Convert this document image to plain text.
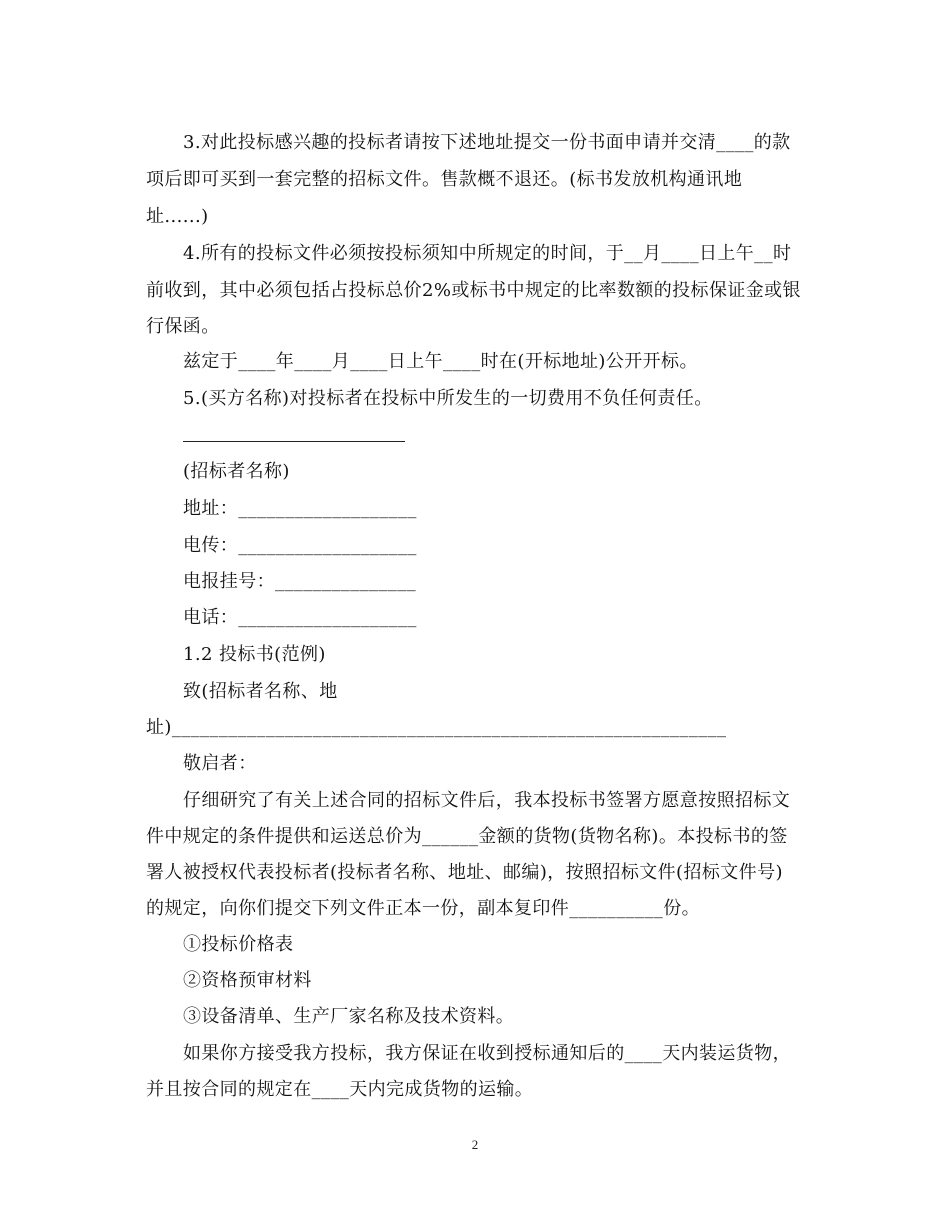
3.对此投标感兴趣的投标者请按下述地址提交一份书面申请并交清____的款
项后即可买到一套完整的招标文件。售款概不退还。(标书发放机构通讯地
址......)
4.所有的投标文件必须按投标须知中所规定的时间，于__月____日上午__时
前收到，其中必须包括占投标总价2%或标书中规定的比率数额的投标保证金或银
行保函。
兹定于____年____月____日上午____时在(开标地址)公开开标。
5.(买方名称)对投标者在投标中所发生的一切费用不负任何责任。
(招标者名称)
地址：___________________
电传：___________________
电报挂号：_______________
电话：___________________
1.2 投标书(范例)
致(招标者名称、地
址)___________________________________________________________
敬启者：
仔细研究了有关上述合同的招标文件后，我本投标书签署方愿意按照招标文
件中规定的条件提供和运送总价为______金额的货物(货物名称)。本投标书的签
署人被授权代表投标者(投标者名称、地址、邮编)，按照招标文件(招标文件号)
的规定，向你们提交下列文件正本一份，副本复印件__________份。
①投标价格表
②资格预审材料
③设备清单、生产厂家名称及技术资料。
如果你方接受我方投标，我方保证在收到授标通知后的____天内装运货物，
并且按合同的规定在____天内完成货物的运输。
2
